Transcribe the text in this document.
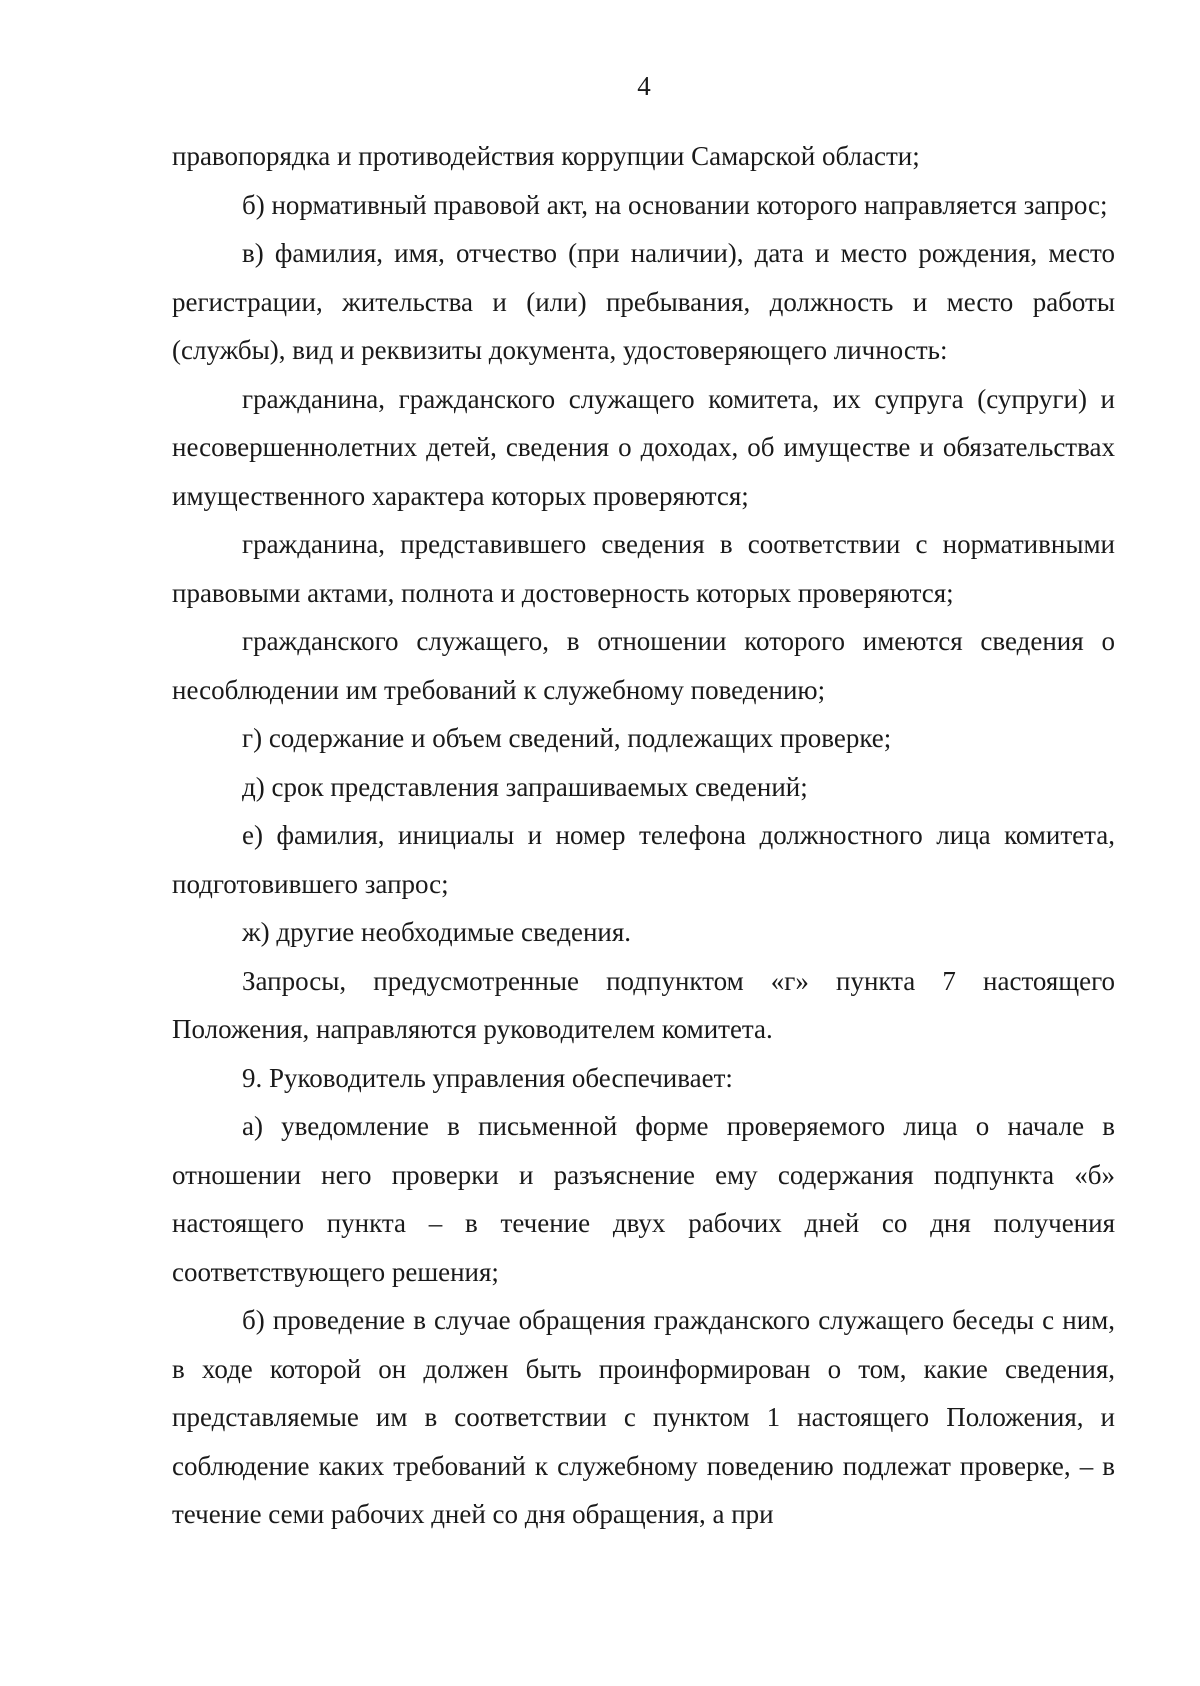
4

правопорядка и противодействия коррупции Самарской области;

б) нормативный правовой акт, на основании которого направляется запрос;

в) фамилия, имя, отчество (при наличии), дата и место рождения, место регистрации, жительства и (или) пребывания, должность и место работы (службы), вид и реквизиты документа, удостоверяющего личность:

гражданина, гражданского служащего комитета, их супруга (супруги) и несовершеннолетних детей, сведения о доходах, об имуществе и обязательствах имущественного характера которых проверяются;

гражданина, представившего сведения в соответствии с нормативными правовыми актами, полнота и достоверность которых проверяются;

гражданского служащего, в отношении которого имеются сведения о несоблюдении им требований к служебному поведению;

г) содержание и объем сведений, подлежащих проверке;

д) срок представления запрашиваемых сведений;

е) фамилия, инициалы и номер телефона должностного лица комитета, подготовившего запрос;

ж) другие необходимые сведения.

Запросы, предусмотренные подпунктом «г» пункта 7 настоящего Положения, направляются руководителем комитета.

9. Руководитель управления обеспечивает:

а) уведомление в письменной форме проверяемого лица о начале в отношении него проверки и разъяснение ему содержания подпункта «б» настоящего пункта – в течение двух рабочих дней со дня получения соответствующего решения;

б) проведение в случае обращения гражданского служащего беседы с ним, в ходе которой он должен быть проинформирован о том, какие сведения, представляемые им в соответствии с пунктом 1 настоящего Положения, и соблюдение каких требований к служебному поведению подлежат проверке, – в течение семи рабочих дней со дня обращения, а при
